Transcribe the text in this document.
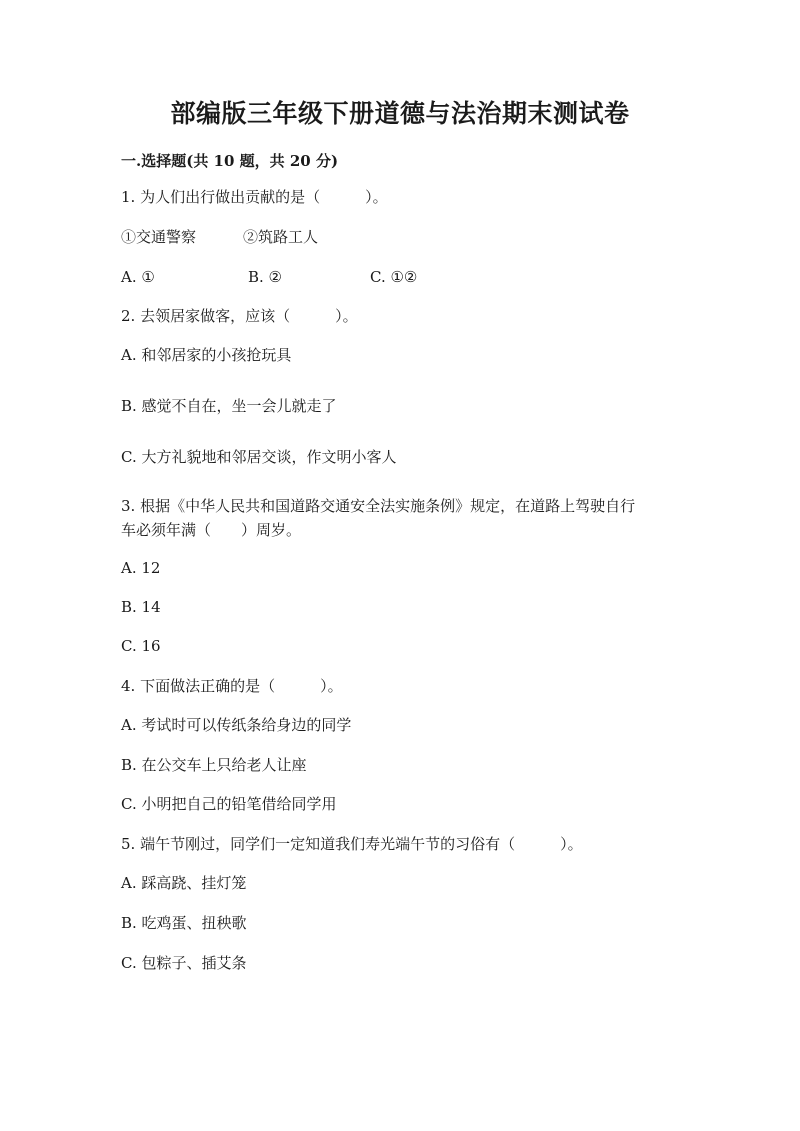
部编版三年级下册道德与法治期末测试卷
一.选择题(共 10 题，共 20 分)
1. 为人们出行做出贡献的是（　　　）。
①交通警察	②筑路工人
A. ①	B. ②	C. ①②
2. 去领居家做客，应该（　　　）。
A. 和邻居家的小孩抢玩具
B. 感觉不自在，坐一会儿就走了
C. 大方礼貌地和邻居交谈，作文明小客人
3. 根据《中华人民共和国道路交通安全法实施条例》规定，在道路上驾驶自行
车必须年满（　　）周岁。
A. 12
B. 14
C. 16
4. 下面做法正确的是（　　　）。
A. 考试时可以传纸条给身边的同学
B. 在公交车上只给老人让座
C. 小明把自己的铅笔借给同学用
5. 端午节刚过，同学们一定知道我们寿光端午节的习俗有（　　　）。
A. 踩高跷、挂灯笼
B. 吃鸡蛋、扭秧歌
C. 包粽子、插艾条
